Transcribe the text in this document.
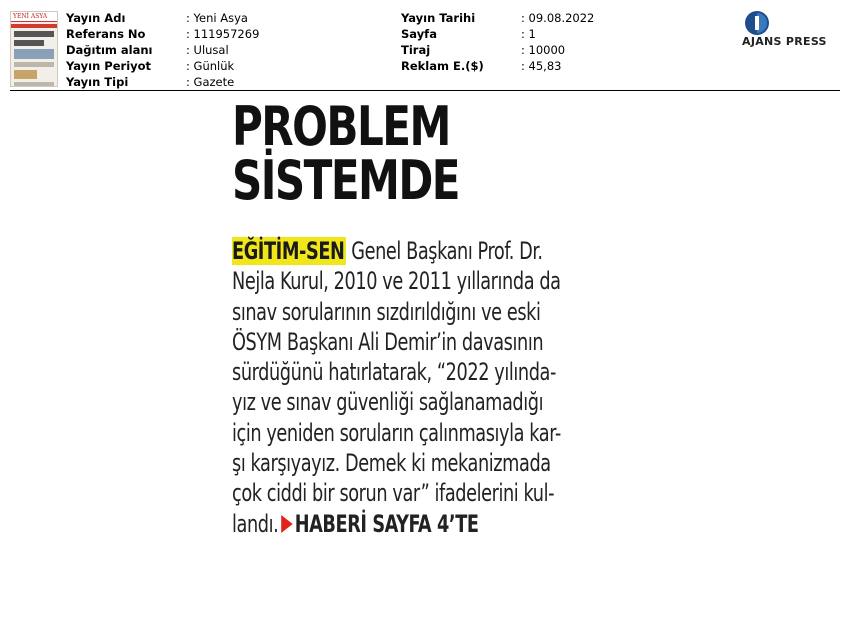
YENİ ASYA	Yayın Adı	: Yeni Asya
Referans No	: 111957269
Dağıtım alanı	: Ulusal
Yayın Periyot	: Günlük
Yayın Tipi	: Gazete
Yayın Tarihi	: 09.08.2022
Sayfa	: 1
Tiraj	: 10000
Reklam E.($)	: 45,83
AJANS PRESS
PROBLEM
SİSTEMDE
EĞİTİM-SEN Genel Başkanı Prof. Dr.
Nejla Kurul, 2010 ve 2011 yıllarında da
sınav sorularının sızdırıldığını ve eski
ÖSYM Başkanı Ali Demir’in davasının
sürdüğünü hatırlatarak, “2022 yılında-
yız ve sınav güvenliği sağlanamadığı
için yeniden soruların çalınmasıyla kar-
şı karşıyayız. Demek ki mekanizmada
çok ciddi bir sorun var” ifadelerini kul-
landı. HABERİ SAYFA 4’TE
